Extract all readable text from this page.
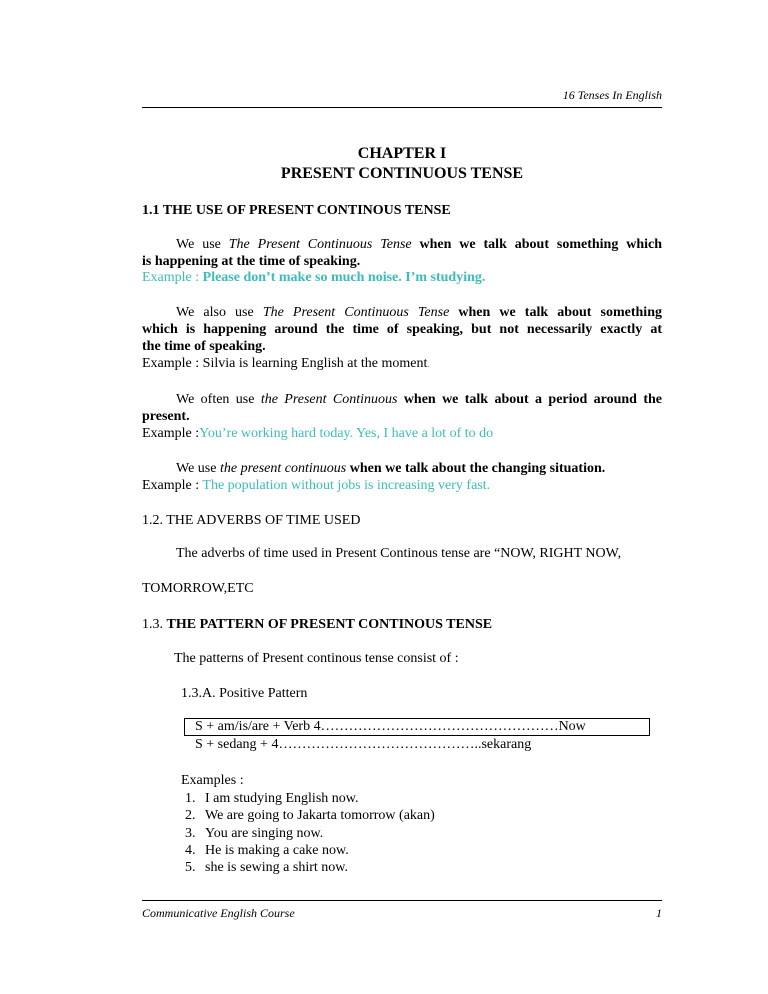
16 Tenses In English
CHAPTER I
PRESENT CONTINUOUS TENSE
1.1 THE USE OF PRESENT CONTINOUS TENSE
We use The Present Continuous Tense when we talk about something which
is happening at the time of speaking.
Example : Please don’t make so much noise. I’m studying.
We also use The Present Continuous Tense when we talk about something
which is happening around the time of speaking, but not necessarily exactly at
the time of speaking.
Example : Silvia is learning English at the moment.
We often use the Present Continuous when we talk about a period around the
present.
Example :You’re working hard today. Yes, I have a lot of to do
We use the present continuous when we talk about the changing situation.
Example : The population without jobs is increasing very fast.
1.2. THE ADVERBS OF TIME USED
The adverbs of time used in Present Continous tense are “NOW, RIGHT NOW,
TOMORROW,ETC
1.3. THE PATTERN OF PRESENT CONTINOUS TENSE
The patterns of Present continous tense consist of :
1.3.A. Positive Pattern
S + am/is/are + Verb 4……………………………………………Now
S + sedang + 4……………………………………..sekarang
Examples :
1. I am studying English now.
2. We are going to Jakarta tomorrow (akan)
3. You are singing now.
4. He is making a cake now.
5. she is sewing a shirt now.
Communicative English Course	1
